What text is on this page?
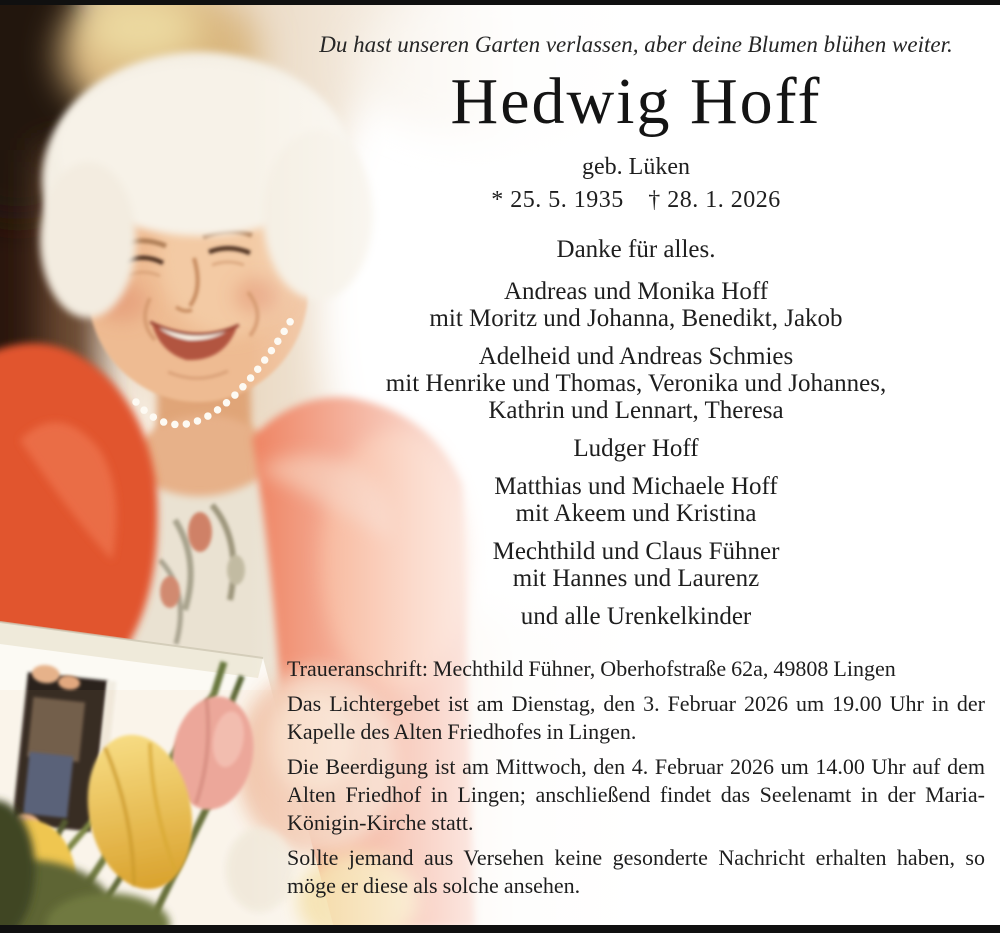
Du hast unseren Garten verlassen, aber deine Blumen blühen weiter.
Hedwig Hoff
geb. Lüken
* 25. 5. 1935 † 28. 1. 2026
Danke für alles.
Andreas und Monika Hoff
mit Moritz und Johanna, Benedikt, Jakob
Adelheid und Andreas Schmies
mit Henrike und Thomas, Veronika und Johannes,
Kathrin und Lennart, Theresa
Ludger Hoff
Matthias und Michaele Hoff
mit Akeem und Kristina
Mechthild und Claus Fühner
mit Hannes und Laurenz
und alle Urenkelkinder

Traueranschrift: Mechthild Fühner, Oberhofstraße 62a, 49808 Lingen

Das Lichtergebet ist am Dienstag, den 3. Februar 2026 um 19.00 Uhr in der Kapelle des Alten Friedhofes in Lingen.

Die Beerdigung ist am Mittwoch, den 4. Februar 2026 um 14.00 Uhr auf dem Alten Friedhof in Lingen; anschließend findet das Seelenamt in der Maria-Königin-Kirche statt.

Sollte jemand aus Versehen keine gesonderte Nachricht erhalten haben, so möge er diese als solche ansehen.
